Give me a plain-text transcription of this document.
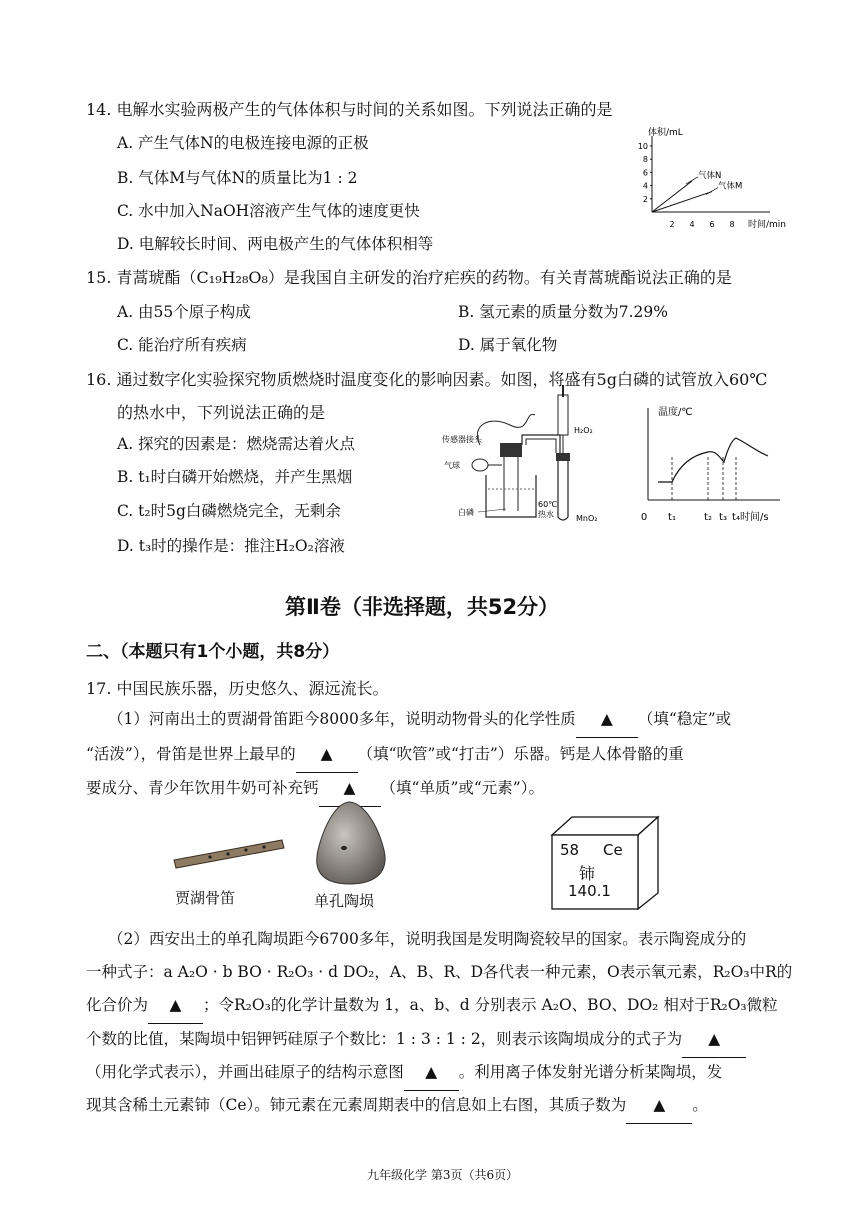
14. 电解水实验两极产生的气体体积与时间的关系如图。下列说法正确的是
A. 产生气体N的电极连接电源的正极
B. 气体M与气体N的质量比为1 : 2
C. 水中加入NaOH溶液产生气体的速度更快
D. 电解较长时间、两电极产生的气体体积相等
体积/mL
时间/min
2
4
6
8
10
2 4 6 8
气体N
气体M
15. 青蒿琥酯（C₁₉H₂₈O₈）是我国自主研发的治疗疟疾的药物。有关青蒿琥酯说法正确的是
A. 由55个原子构成	B. 氢元素的质量分数为7.29%
C. 能治疗所有疾病	D. 属于氧化物
16. 通过数字化实验探究物质燃烧时温度变化的影响因素。如图，将盛有5g白磷的试管放入60℃
的热水中，下列说法正确的是
A. 探究的因素是：燃烧需达着火点
B. t₁时白磷开始燃烧，并产生黑烟
C. t₂时5g白磷燃烧完全，无剩余
D. t₃时的操作是：推注H₂O₂溶液
传感器接头
气球
白磷
60℃
热水	MnO₂
H₂O₂
温度/℃
时间/s
0 t₁	t₂ t₃ t₄
第Ⅱ卷（非选择题，共52分）
二、（本题只有1个小题，共8分）
17. 中国民族乐器，历史悠久、源远流长。
（1）河南出土的贾湖骨笛距今8000多年，说明动物骨头的化学性质 ▲ （填“稳定”或
“活泼”），骨笛是世界上最早的 ▲ （填“吹管”或“打击”）乐器。钙是人体骨骼的重
要成分、青少年饮用牛奶可补充钙 ▲ （填“单质”或“元素”）。
贾湖骨笛	单孔陶埙
58 Ce
铈
140.1
（2）西安出土的单孔陶埙距今6700多年，说明我国是发明陶瓷较早的国家。表示陶瓷成分的
一种式子：a A₂O · b BO · R₂O₃ · d DO₂，A、B、R、D各代表一种元素，O表示氧元素，R₂O₃中R的
化合价为 ▲ ；令R₂O₃的化学计量数为 1，a、b、d 分别表示 A₂O、BO、DO₂ 相对于R₂O₃微粒
个数的比值，某陶埙中铝钾钙硅原子个数比：1 : 3 : 1 : 2，则表示该陶埙成分的式子为 ▲
（用化学式表示），并画出硅原子的结构示意图 ▲ 。利用离子体发射光谱分析某陶埙，发
现其含稀土元素铈（Ce）。铈元素在元素周期表中的信息如上右图，其质子数为 ▲ 。
九年级化学 第3页（共6页）
